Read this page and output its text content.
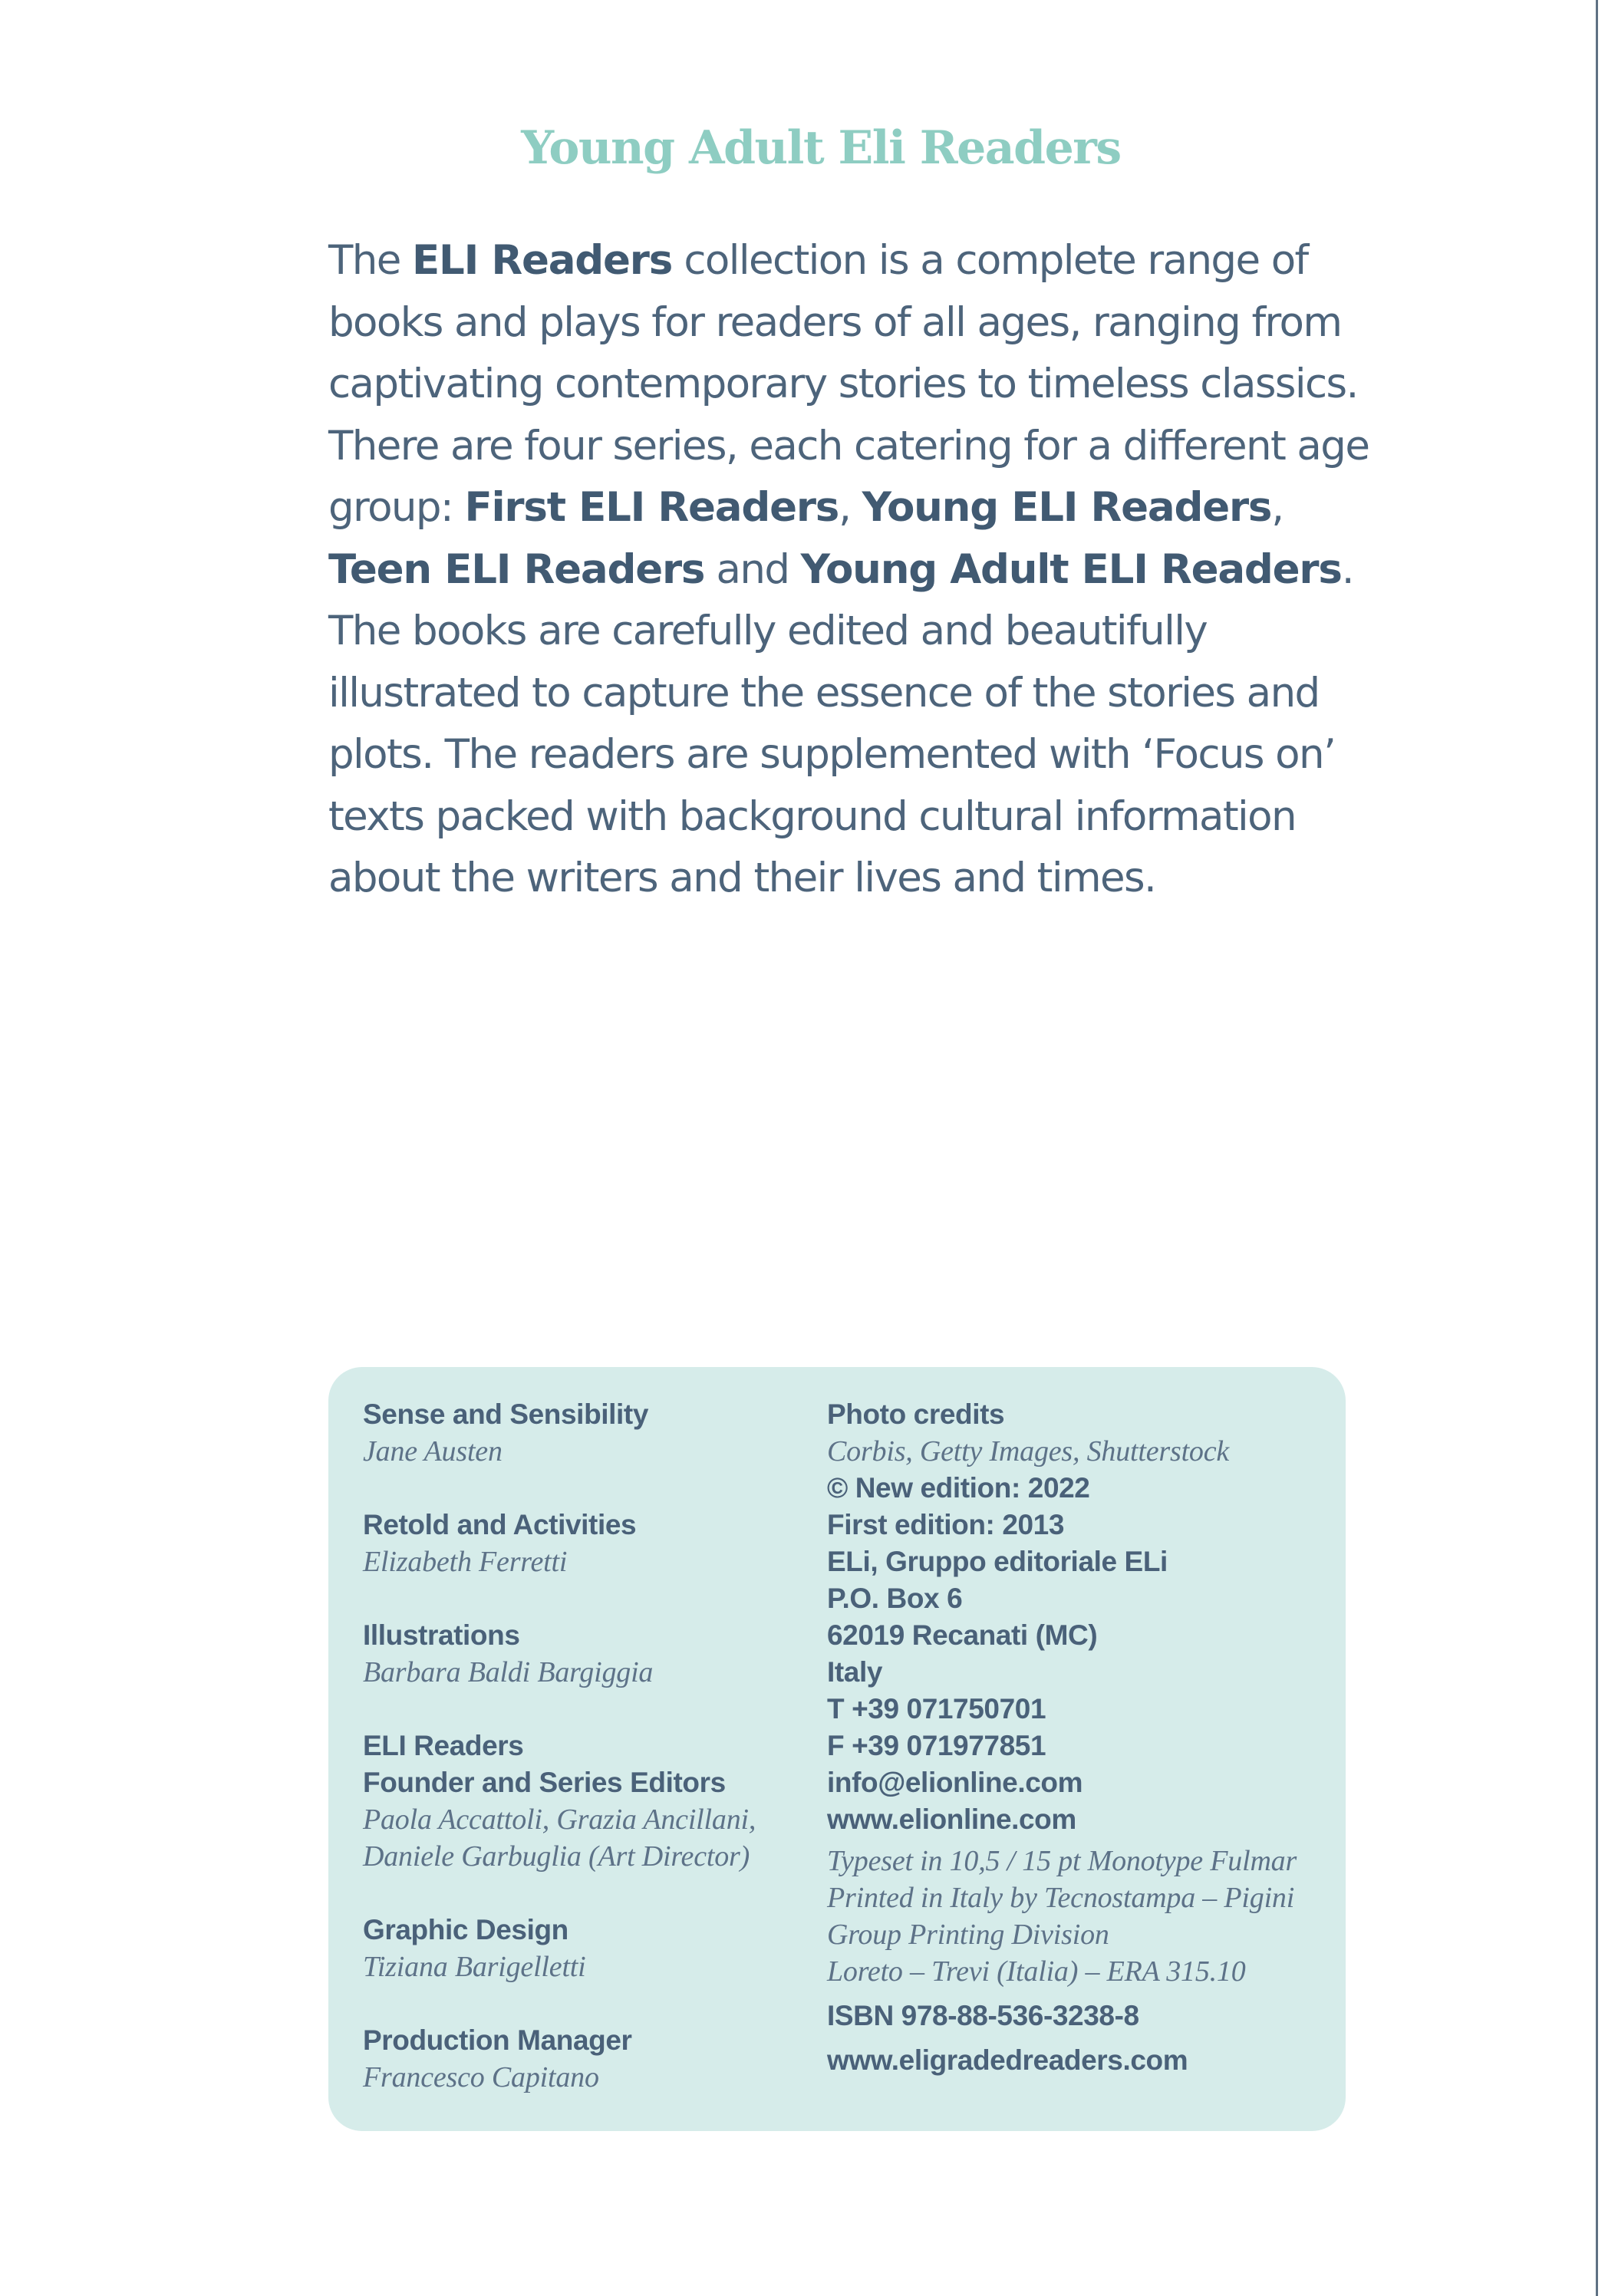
Young Adult Eli Readers
The ELI Readers collection is a complete range of
books and plays for readers of all ages, ranging from
captivating contemporary stories to timeless classics.
There are four series, each catering for a different age
group: First ELI Readers, Young ELI Readers,
Teen ELI Readers and Young Adult ELI Readers.
The books are carefully edited and beautifully
illustrated to capture the essence of the stories and
plots. The readers are supplemented with ‘Focus on’
texts packed with background cultural information
about the writers and their lives and times.
Sense and Sensibility
Jane Austen
Retold and Activities
Elizabeth Ferretti
Illustrations
Barbara Baldi Bargiggia
ELI Readers
Founder and Series Editors
Paola Accattoli, Grazia Ancillani,
Daniele Garbuglia (Art Director)
Graphic Design
Tiziana Barigelletti
Production Manager
Francesco Capitano
Photo credits
Corbis, Getty Images, Shutterstock
© New edition: 2022
First edition: 2013
ELi, Gruppo editoriale ELi
P.O. Box 6
62019 Recanati (MC)
Italy
T +39 071750701
F +39 071977851
info@elionline.com
www.elionline.com
Typeset in 10,5 / 15 pt Monotype Fulmar
Printed in Italy by Tecnostampa – Pigini
Group Printing Division
Loreto – Trevi (Italia) – ERA 315.10
ISBN 978-88-536-3238-8
www.eligradedreaders.com
